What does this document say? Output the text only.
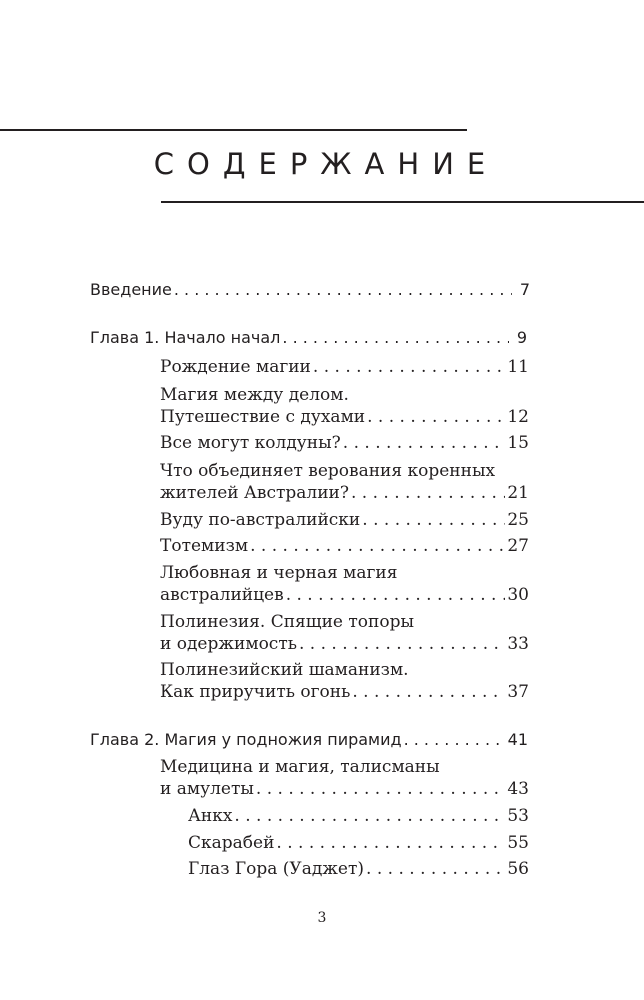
СОДЕРЖАНИЕ
Введение . . .	7
Глава 1. Начало начал . . .	9
Рождение магии . . .	11
Магия между делом.
Путешествие с духами . . .	12
Все могут колдуны? . . .	15
Что объединяет верования коренных
жителей Австралии? . . .	21
Вуду по-австралийски . . .	25
Тотемизм . . .	27
Любовная и черная магия
австралийцев . . .	30
Полинезия. Спящие топоры
и одержимость . . .	33
Полинезийский шаманизм.
Как приручить огонь . . .	37
Глава 2. Магия у подножия пирамид . . .	41
Медицина и магия, талисманы
и амулеты . . .	43
Анкх . . .	53
Скарабей . . .	55
Глаз Гора (Уаджет) . . .	56
3
